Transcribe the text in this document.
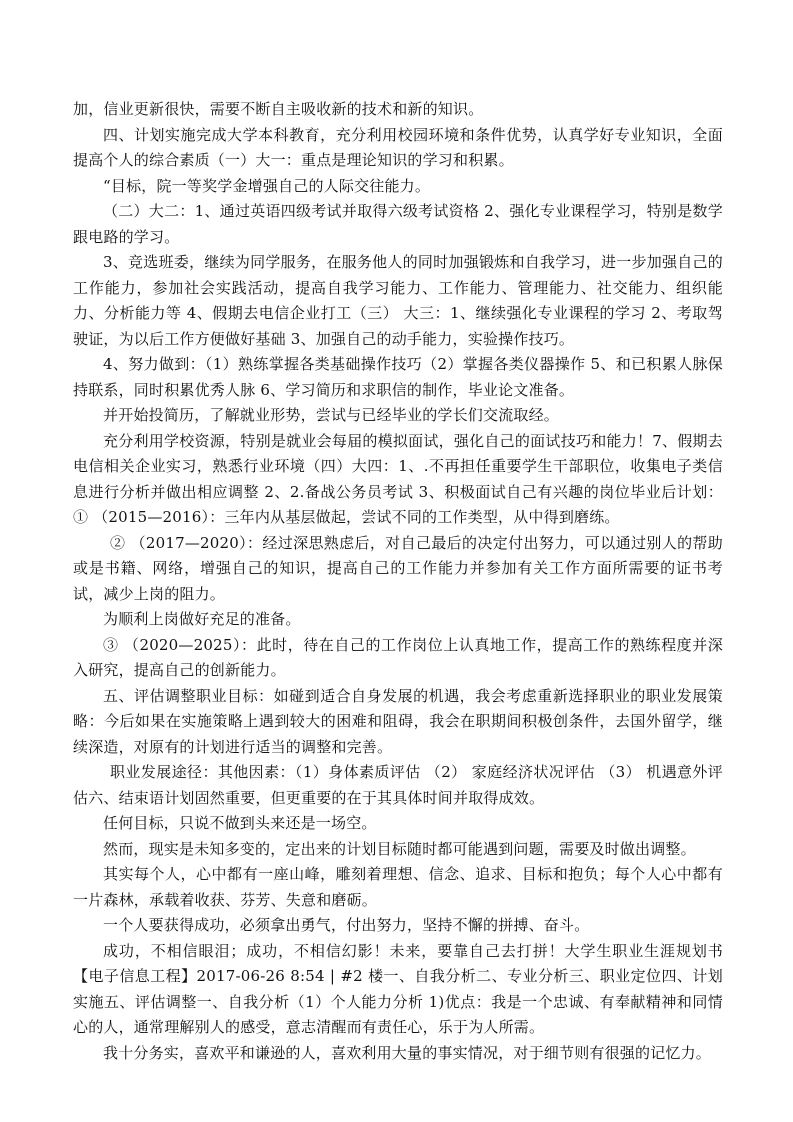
加，信业更新很快，需要不断自主吸收新的技术和新的知识。

四、计划实施完成大学本科教育，充分利用校园环境和条件优势，认真学好专业知识，全面提高个人的综合素质（一）大一：重点是理论知识的学习和积累。

“目标，院一等奖学金增强自己的人际交往能力。

（二）大二：1、通过英语四级考试并取得六级考试资格 2、强化专业课程学习，特别是数学跟电路的学习。

3、竞选班委，继续为同学服务，在服务他人的同时加强锻炼和自我学习，进一步加强自己的工作能力，参加社会实践活动，提高自我学习能力、工作能力、管理能力、社交能力、组织能力、分析能力等 4、假期去电信企业打工（三） 大三：1、继续强化专业课程的学习 2、考取驾驶证，为以后工作方便做好基础 3、加强自己的动手能力，实验操作技巧。

4、努力做到：（1）熟练掌握各类基础操作技巧（2）掌握各类仪器操作 5、和已积累人脉保持联系，同时积累优秀人脉 6、学习简历和求职信的制作，毕业论文准备。

并开始投简历，了解就业形势，尝试与已经毕业的学长们交流取经。

充分利用学校资源，特别是就业会每届的模拟面试，强化自己的面试技巧和能力！7、假期去电信相关企业实习，熟悉行业环境（四）大四：1、.不再担任重要学生干部职位，收集电子类信息进行分析并做出相应调整 2、2.备战公务员考试 3、积极面试自己有兴趣的岗位毕业后计划：① （2015—2016）：三年内从基层做起，尝试不同的工作类型，从中得到磨练。

② （2017—2020）：经过深思熟虑后，对自己最后的决定付出努力，可以通过别人的帮助或是书籍、网络，增强自己的知识，提高自己的工作能力并参加有关工作方面所需要的证书考试，减少上岗的阻力。

为顺利上岗做好充足的准备。

③ （2020—2025）：此时，待在自己的工作岗位上认真地工作，提高工作的熟练程度并深入研究，提高自己的创新能力。

五、评估调整职业目标：如碰到适合自身发展的机遇，我会考虑重新选择职业的职业发展策略：今后如果在实施策略上遇到较大的困难和阻碍，我会在职期间积极创条件，去国外留学，继续深造，对原有的计划进行适当的调整和完善。

职业发展途径：其他因素：（1）身体素质评估 （2） 家庭经济状况评估 （3） 机遇意外评估六、结束语计划固然重要，但更重要的在于其具体时间并取得成效。

任何目标，只说不做到头来还是一场空。

然而，现实是未知多变的，定出来的计划目标随时都可能遇到问题，需要及时做出调整。

其实每个人，心中都有一座山峰，雕刻着理想、信念、追求、目标和抱负；每个人心中都有一片森林，承载着收获、芬芳、失意和磨砺。

一个人要获得成功，必须拿出勇气，付出努力，坚持不懈的拼搏、奋斗。

成功，不相信眼泪；成功，不相信幻影！未来，要靠自己去打拼！大学生职业生涯规划书【电子信息工程】2017-06-26 8:54 | #2 楼一、自我分析二、专业分析三、职业定位四、计划实施五、评估调整一、自我分析（1）个人能力分析 1)优点：我是一个忠诚、有奉献精神和同情心的人，通常理解别人的感受，意志清醒而有责任心，乐于为人所需。

我十分务实，喜欢平和谦逊的人，喜欢利用大量的事实情况，对于细节则有很强的记忆力。
